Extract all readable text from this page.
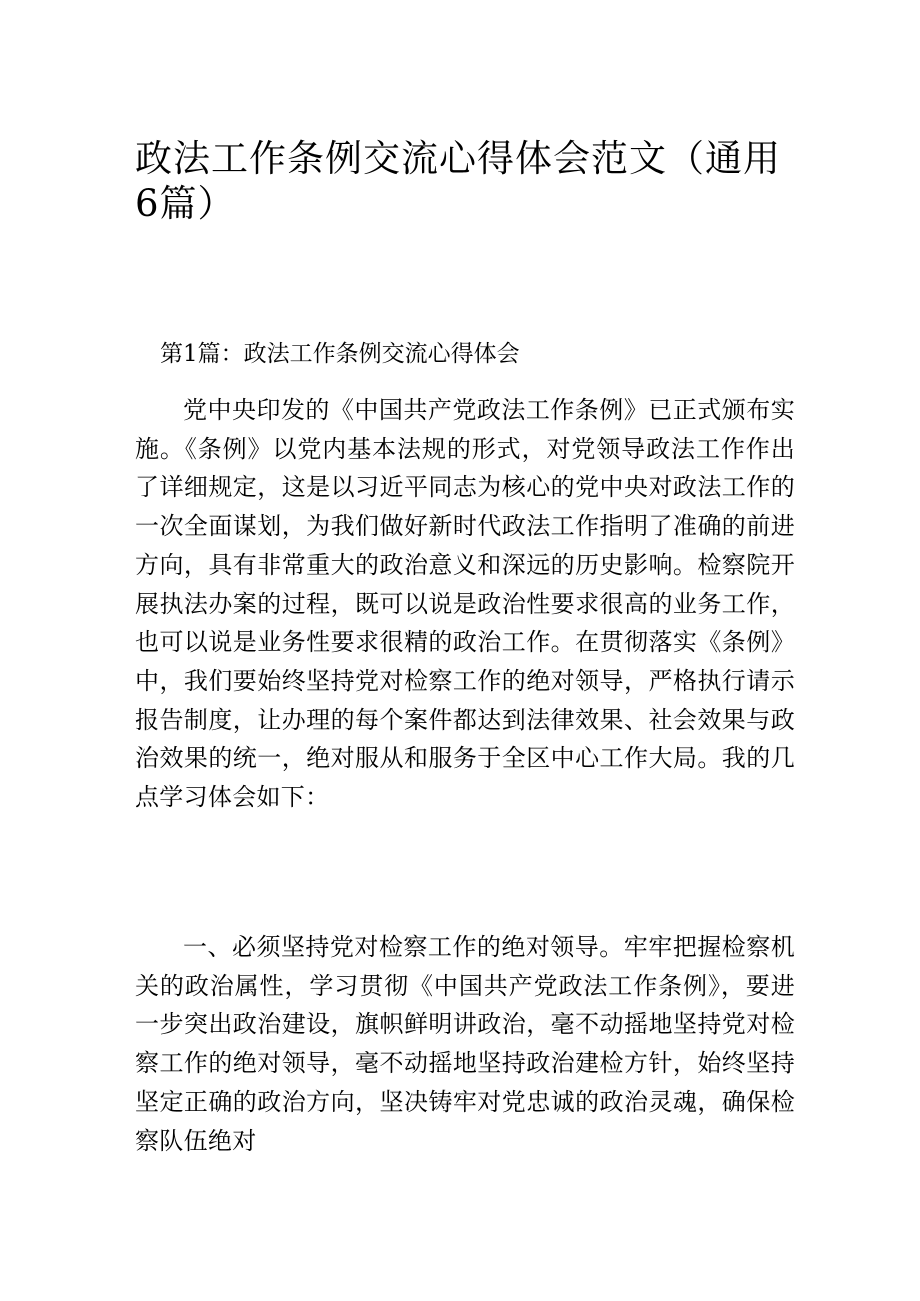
政法工作条例交流心得体会范文（通用6篇）

第1篇：政法工作条例交流心得体会

党中央印发的《中国共产党政法工作条例》已正式颁布实施。《条例》以党内基本法规的形式，对党领导政法工作作出了详细规定，这是以习近平同志为核心的党中央对政法工作的一次全面谋划，为我们做好新时代政法工作指明了准确的前进方向，具有非常重大的政治意义和深远的历史影响。检察院开展执法办案的过程，既可以说是政治性要求很高的业务工作，也可以说是业务性要求很精的政治工作。在贯彻落实《条例》中，我们要始终坚持党对检察工作的绝对领导，严格执行请示报告制度，让办理的每个案件都达到法律效果、社会效果与政治效果的统一，绝对服从和服务于全区中心工作大局。我的几点学习体会如下：

一、必须坚持党对检察工作的绝对领导。牢牢把握检察机关的政治属性，学习贯彻《中国共产党政法工作条例》，要进一步突出政治建设，旗帜鲜明讲政治，毫不动摇地坚持党对检察工作的绝对领导，毫不动摇地坚持政治建检方针，始终坚持坚定正确的政治方向，坚决铸牢对党忠诚的政治灵魂，确保检察队伍绝对
